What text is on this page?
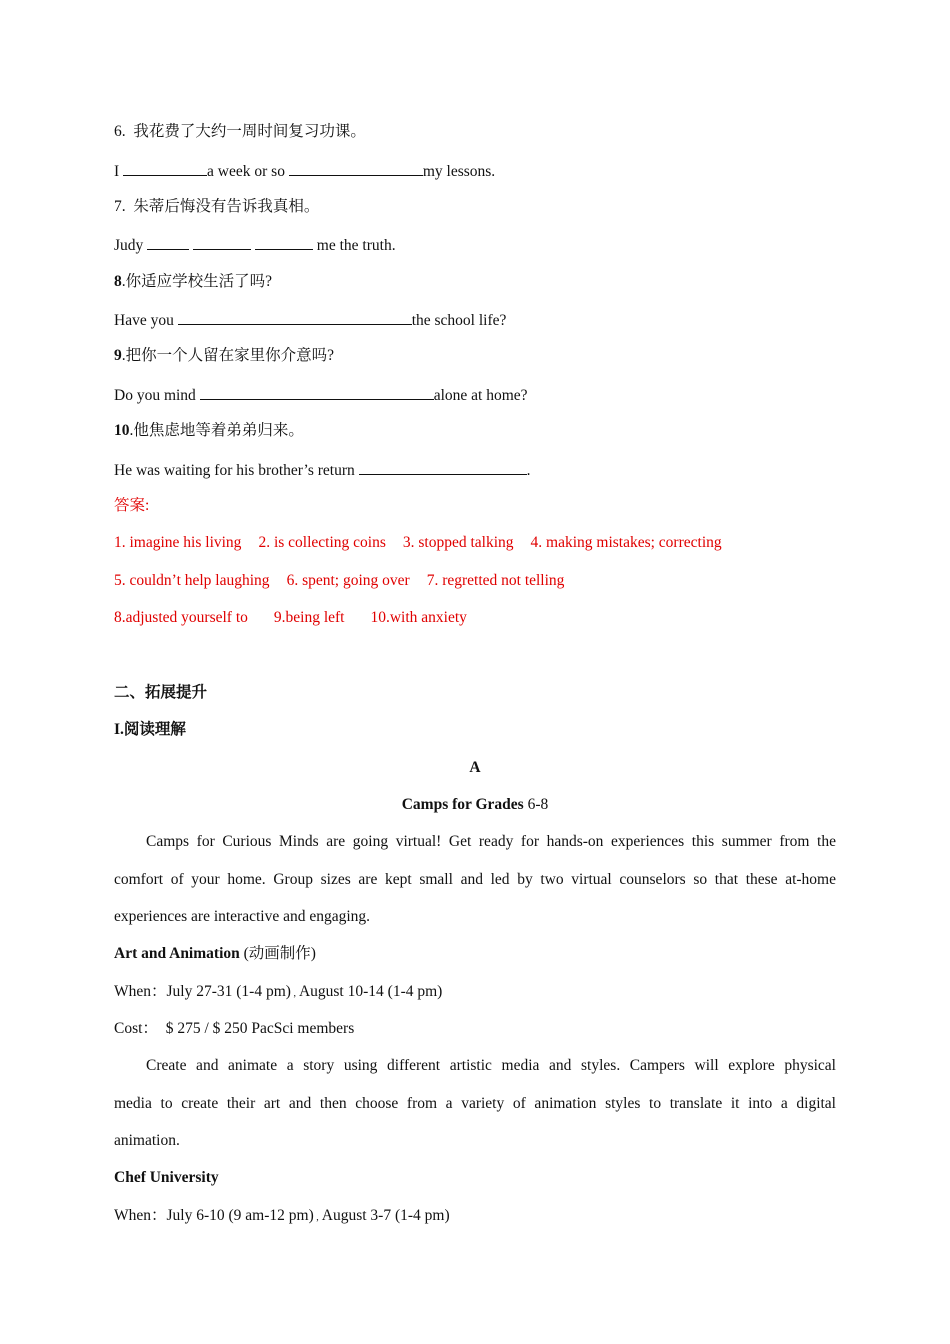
6.  我花费了大约一周时间复习功课。
I	a week or so	my lessons.
7.  朱蒂后悔没有告诉我真相。
Judy	me the truth.
8.你适应学校生活了吗?
Have you	the school life?
9.把你一个人留在家里你介意吗?
Do you mind	alone at home?
10.他焦虑地等着弟弟归来。
He was waiting for his brother’s return	.
答案:
1. imagine his living 2. is collecting coins 3. stopped talking 4. making mistakes; correcting
5. couldn’t help laughing 6. spent; going over 7. regretted not telling
8.adjusted yourself to 9.being left 10.with anxiety
二、拓展提升
I.阅读理解
A
Camps for Grades 6-8
Camps for Curious Minds are going virtual! Get ready for hands-on experiences this summer from the
comfort of your home. Group sizes are kept small and led by two virtual counselors so that these at-home
experiences are interactive and engaging.
Art and Animation (动画制作)
When：July 27-31 (1-4 pm) , August 10-14 (1-4 pm)
Cost：  $ 275 / $ 250 PacSci members
Create and animate a story using different artistic media and styles. Campers will explore physical
media to create their art and then choose from a variety of animation styles to translate it into a digital
animation.
Chef University
When：July 6-10 (9 am-12 pm) , August 3-7 (1-4 pm)
